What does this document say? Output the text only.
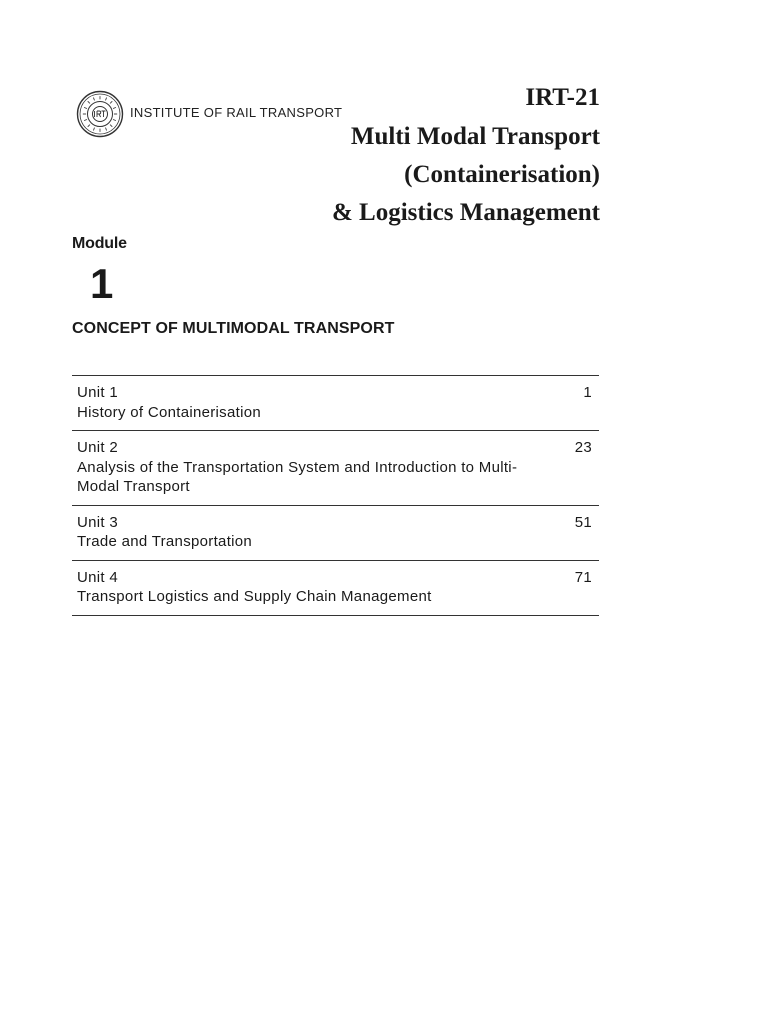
INSTITUTE OF RAIL TRANSPORT
IRT-21
Multi Modal Transport
(Containerisation)
& Logistics Management
Module
1
CONCEPT OF MULTIMODAL TRANSPORT
Unit 1
History of Containerisation
1
Unit 2
Analysis of the Transportation System and Introduction to Multi-Modal Transport
23
Unit 3
Trade and Transportation
51
Unit 4
Transport Logistics and Supply Chain Management
71
